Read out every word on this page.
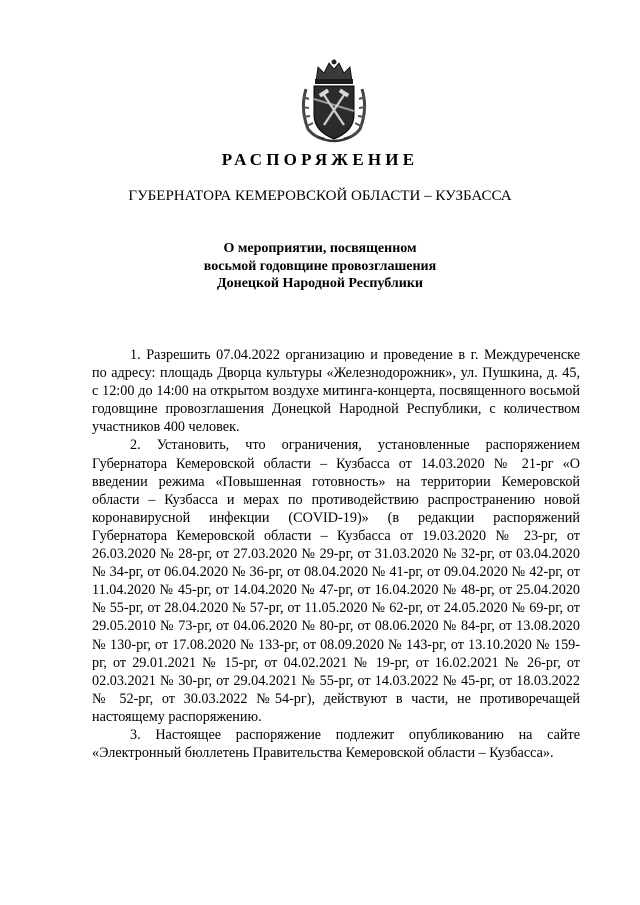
РАСПОРЯЖЕНИЕ
ГУБЕРНАТОРА КЕМЕРОВСКОЙ ОБЛАСТИ – КУЗБАССА
О мероприятии, посвященном
восьмой годовщине провозглашения
Донецкой Народной Республики

1. Разрешить 07.04.2022 организацию и проведение в г. Междуреченске по адресу: площадь Дворца культуры «Железнодорожник», ул. Пушкина, д. 45, с 12:00 до 14:00 на открытом воздухе митинга-концерта, посвященного восьмой годовщине провозглашения Донецкой Народной Республики, с количеством участников 400 человек.

2. Установить, что ограничения, установленные распоряжением Губернатора Кемеровской области – Кузбасса от 14.03.2020 № 21-рг «О введении режима «Повышенная готовность» на территории Кемеровской области – Кузбасса и мерах по противодействию распространению новой коронавирусной инфекции (COVID-19)» (в редакции распоряжений Губернатора Кемеровской области – Кузбасса от 19.03.2020 № 23-рг, от 26.03.2020 № 28-рг, от 27.03.2020 № 29-рг, от 31.03.2020 № 32-рг, от 03.04.2020 № 34-рг, от 06.04.2020 № 36-рг, от 08.04.2020 № 41-рг, от 09.04.2020 № 42-рг, от 11.04.2020 № 45-рг, от 14.04.2020 № 47-рг, от 16.04.2020 № 48-рг, от 25.04.2020 № 55-рг, от 28.04.2020 № 57-рг, от 11.05.2020 № 62-рг, от 24.05.2020 № 69-рг, от 29.05.2010 № 73-рг, от 04.06.2020 № 80-рг, от 08.06.2020 № 84-рг, от 13.08.2020 № 130-рг, от 17.08.2020 № 133-рг, от 08.09.2020 № 143-рг, от 13.10.2020 № 159-рг, от 29.01.2021 № 15-рг, от 04.02.2021 № 19-рг, от 16.02.2021 № 26-рг, от 02.03.2021 № 30-рг, от 29.04.2021 № 55-рг, от 14.03.2022 № 45-рг, от 18.03.2022 № 52-рг, от 30.03.2022 №54-рг), действуют в части, не противоречащей настоящему распоряжению.

3. Настоящее распоряжение подлежит опубликованию на сайте «Электронный бюллетень Правительства Кемеровской области – Кузбасса».
